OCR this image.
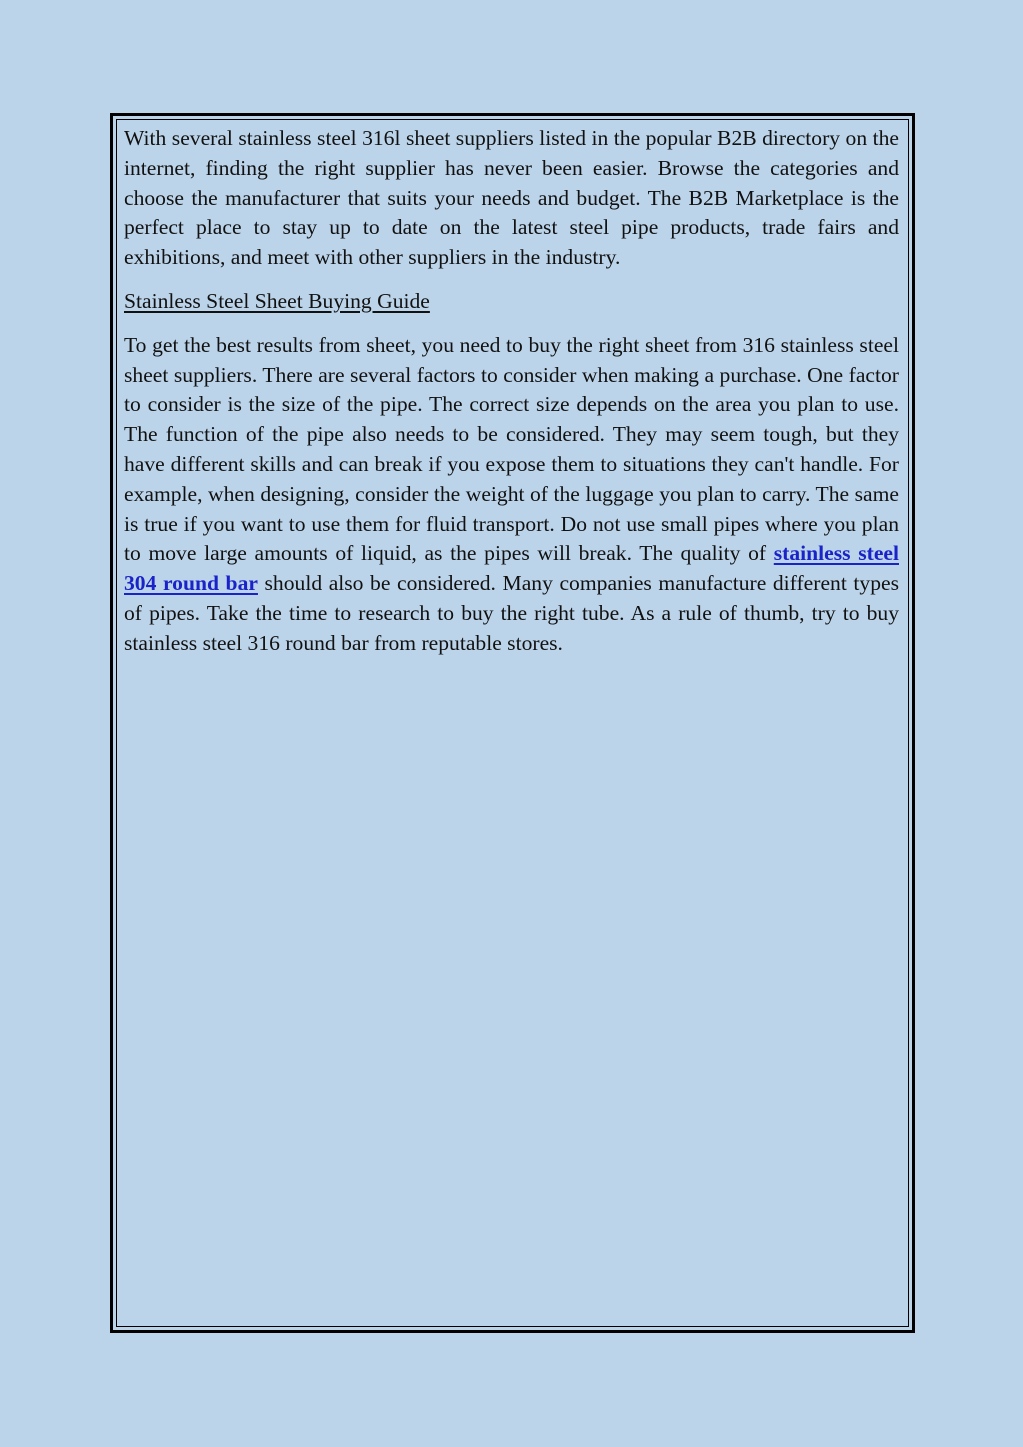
With several stainless steel 316l sheet suppliers listed in the popular B2B directory on the internet, finding the right supplier has never been easier. Browse the categories and choose the manufacturer that suits your needs and budget. The B2B Marketplace is the perfect place to stay up to date on the latest steel pipe products, trade fairs and exhibitions, and meet with other suppliers in the industry.

Stainless Steel Sheet Buying Guide

To get the best results from sheet, you need to buy the right sheet from 316 stainless steel sheet suppliers. There are several factors to consider when making a purchase. One factor to consider is the size of the pipe. The correct size depends on the area you plan to use. The function of the pipe also needs to be considered. They may seem tough, but they have different skills and can break if you expose them to situations they can't handle. For example, when designing, consider the weight of the luggage you plan to carry. The same is true if you want to use them for fluid transport. Do not use small pipes where you plan to move large amounts of liquid, as the pipes will break. The quality of stainless steel 304 round bar should also be considered. Many companies manufacture different types of pipes. Take the time to research to buy the right tube. As a rule of thumb, try to buy stainless steel 316 round bar from reputable stores.
